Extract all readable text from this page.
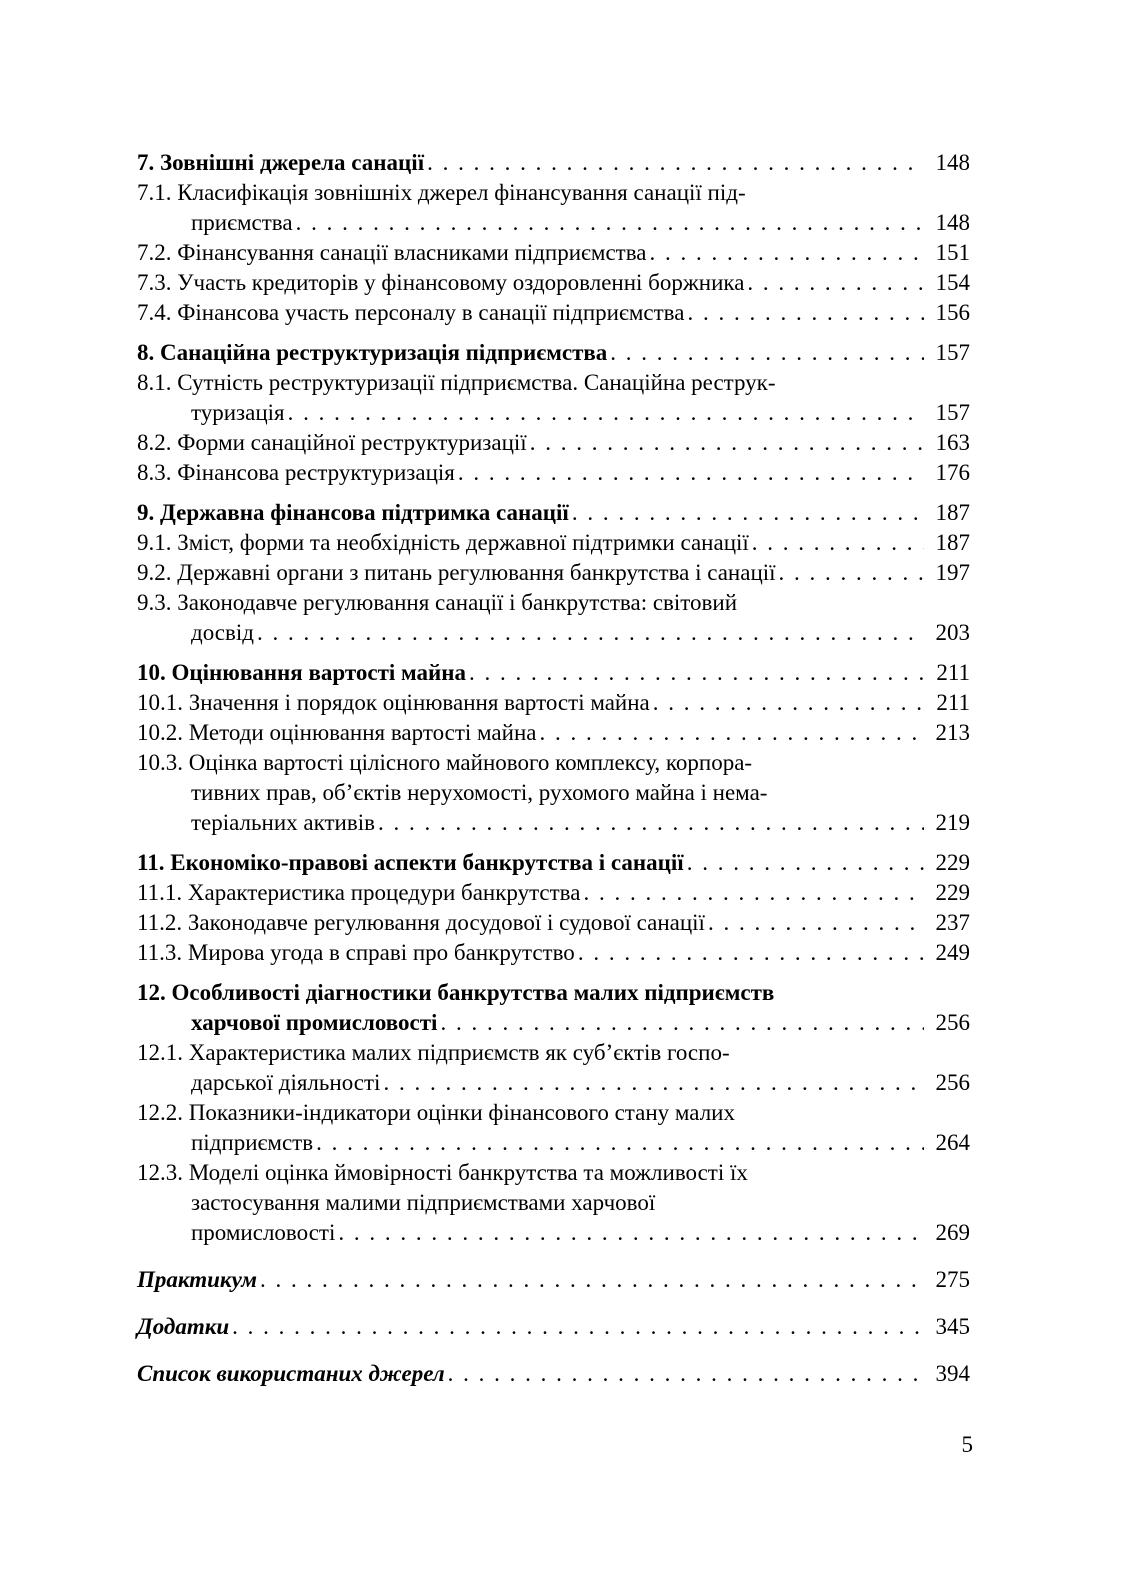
7. Зовнішні джерела санації . . .	148
7.1. Класифікація зовнішніх джерел фінансування санації під-
приємства . . .	148
7.2. Фінансування санації власниками підприємства . . .	151
7.3. Участь кредиторів у фінансовому оздоровленні боржника . . .	154
7.4. Фінансова участь персоналу в санації підприємства . . .	156
8. Санаційна реструктуризація підприємства . . .	157
8.1. Сутність реструктуризації підприємства. Санаційна реструк-
туризація . . .	157
8.2. Форми санаційної реструктуризації . . .	163
8.3. Фінансова реструктуризація . . .	176
9. Державна фінансова підтримка санації . . .	187
9.1. Зміст, форми та необхідність державної підтримки санації . . .	187
9.2. Державні органи з питань регулювання банкрутства і санації . . .	197
9.3. Законодавче регулювання санації і банкрутства: світовий
досвід . . .	203
10. Оцінювання вартості майна . . .	211
10.1. Значення і порядок оцінювання вартості майна . . .	211
10.2. Методи оцінювання вартості майна . . .	213
10.3. Оцінка вартості цілісного майнового комплексу, корпора-
тивних прав, об’єктів нерухомості, рухомого майна і нема-
теріальних активів . . .	219
11. Економіко-правові аспекти банкрутства і санації . . .	229
11.1. Характеристика процедури банкрутства . . .	229
11.2. Законодавче регулювання досудової і судової санації . . .	237
11.3. Мирова угода в справі про банкрутство . . .	249
12. Особливості діагностики банкрутства малих підприємств
харчової промисловості . . .	256
12.1. Характеристика малих підприємств як суб’єктів госпо-
дарської діяльності . . .	256
12.2. Показники-індикатори оцінки фінансового стану малих
підприємств . . .	264
12.3. Моделі оцінка ймовірності банкрутства та можливості їх
застосування малими підприємствами харчової
промисловості . . .	269
Практикум . . .	275
Додатки . . .	345
Список використаних джерел . . .	394
5
